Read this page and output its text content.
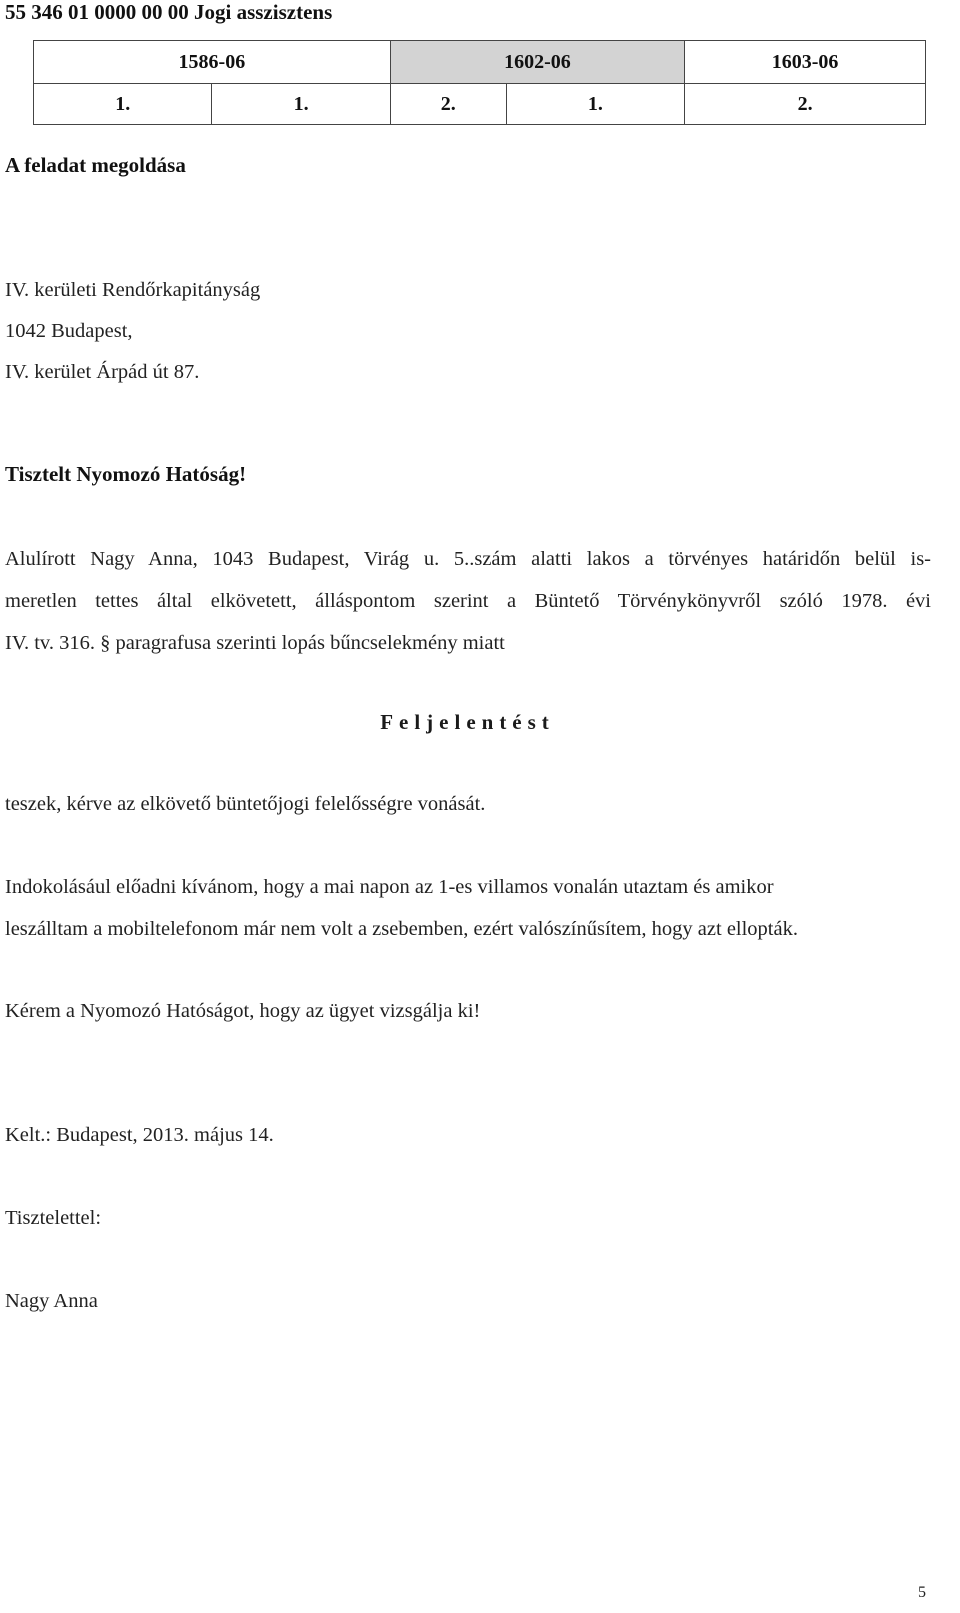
55 346 01 0000 00 00 Jogi asszisztens
1586-06		1602-06		1603-06
1.	1.	2.	1.	2.
A feladat megoldása
IV. kerületi Rendőrkapitányság
1042 Budapest,
IV. kerület Árpád út 87.
Tisztelt Nyomozó Hatóság!
Alulírott Nagy Anna, 1043 Budapest, Virág u. 5..szám alatti lakos a törvényes határidőn belül is-
meretlen tettes által elkövetett, álláspontom szerint a Büntető Törvénykönyvről szóló 1978. évi
IV. tv. 316. § paragrafusa szerinti lopás bűncselekmény miatt
Feljelentést
teszek, kérve az elkövető büntetőjogi felelősségre vonását.
Indokolásául előadni kívánom, hogy a mai napon az 1-es villamos vonalán utaztam és amikor
leszálltam a mobiltelefonom már nem volt a zsebemben, ezért valószínűsítem, hogy azt ellopták.
Kérem a Nyomozó Hatóságot, hogy az ügyet vizsgálja ki!
Kelt.: Budapest, 2013. május 14.
Tisztelettel:
Nagy Anna
5
